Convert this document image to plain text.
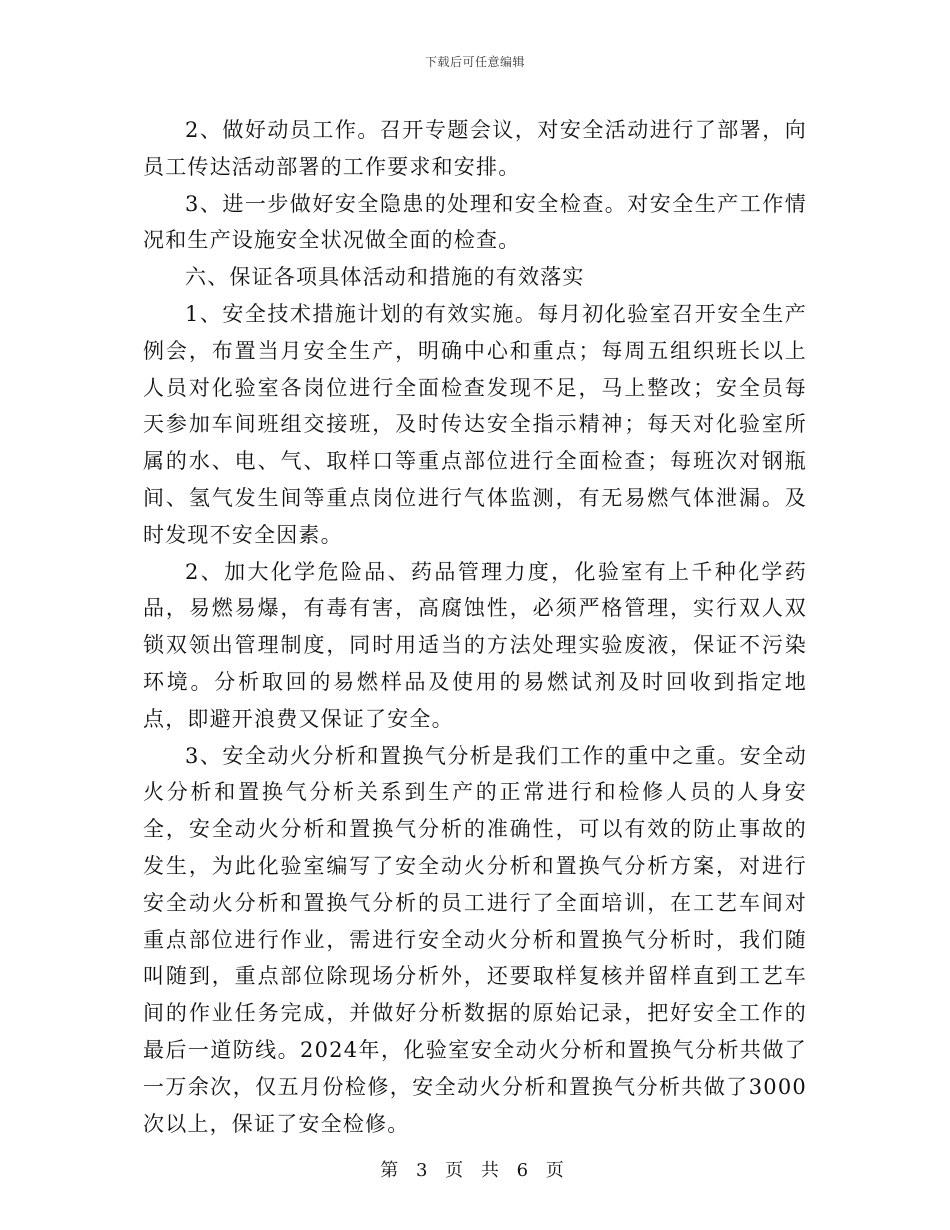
下载后可任意编辑

2、做好动员工作。召开专题会议，对安全活动进行了部署，向员工传达活动部署的工作要求和安排。

3、进一步做好安全隐患的处理和安全检查。对安全生产工作情况和生产设施安全状况做全面的检查。

六、保证各项具体活动和措施的有效落实

1、安全技术措施计划的有效实施。每月初化验室召开安全生产例会，布置当月安全生产，明确中心和重点；每周五组织班长以上人员对化验室各岗位进行全面检查发现不足，马上整改；安全员每天参加车间班组交接班，及时传达安全指示精神；每天对化验室所属的水、电、气、取样口等重点部位进行全面检查；每班次对钢瓶间、氢气发生间等重点岗位进行气体监测，有无易燃气体泄漏。及时发现不安全因素。

2、加大化学危险品、药品管理力度，化验室有上千种化学药品，易燃易爆，有毒有害，高腐蚀性，必须严格管理，实行双人双锁双领出管理制度，同时用适当的方法处理实验废液，保证不污染环境。分析取回的易燃样品及使用的易燃试剂及时回收到指定地点，即避开浪费又保证了安全。

3、安全动火分析和置换气分析是我们工作的重中之重。安全动火分析和置换气分析关系到生产的正常进行和检修人员的人身安全，安全动火分析和置换气分析的准确性，可以有效的防止事故的发生，为此化验室编写了安全动火分析和置换气分析方案，对进行安全动火分析和置换气分析的员工进行了全面培训，在工艺车间对重点部位进行作业，需进行安全动火分析和置换气分析时，我们随叫随到，重点部位除现场分析外，还要取样复核并留样直到工艺车间的作业任务完成，并做好分析数据的原始记录，把好安全工作的最后一道防线。2024年，化验室安全动火分析和置换气分析共做了一万余次，仅五月份检修，安全动火分析和置换气分析共做了3000次以上，保证了安全检修。

第 3 页 共 6 页
